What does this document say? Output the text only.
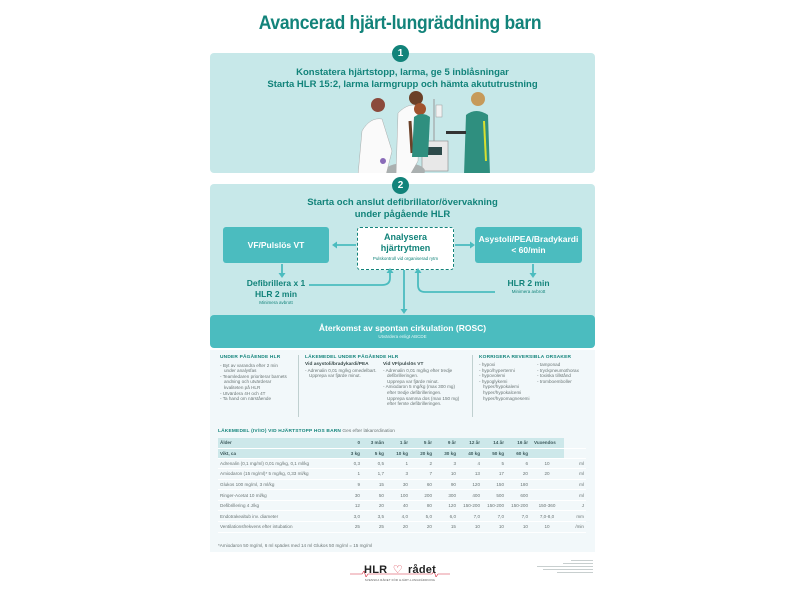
Avancerad hjärt-lungräddning barn
1
Konstatera hjärtstopp, larma, ge 5 inblåsningar
Starta HLR 15:2, larma larmgrupp och hämta akututrustning
2
Starta och anslut defibrillator/övervakning
under pågående HLR
VF/Pulslös VT
Analysera
hjärtrytmen
Pulskontroll vid organiserad rytm
Asystoli/PEA/Bradykardi
< 60/min
Defibrillera x 1
HLR 2 min
Minimera avbrott
HLR 2 min
Minimera avbrott
Återkomst av spontan cirkulation (ROSC)
Utvärdera enligt ABCDE
UNDER PÅGÅENDE HLR
- Byt av varandra efter 2 min under analysfas
- Teamledaren prioriterar barnets andning och utvärderar kvaliteten på HLR
- Utvärdera 4H och 4T
- Ta hand om närstående
LÄKEMEDEL UNDER PÅGÅENDE HLR
Vid asystoli/bradykardi/PEA
- Adrenalin 0,01 mg/kg omedelbart.
Upprepa var fjärde minut.
Vid VF/pulslös VT
- Adrenalin 0,01 mg/kg efter tredje defibrilleringen.
Upprepa var fjärde minut.
- Amiodaron 5 mg/kg (max 300 mg) efter tredje defibrilleringen.
Upprepa samma dos (max 150 mg) efter femte defibrilleringen.
KORRIGERA REVERSIBLA ORSAKER
- hypoxi
- hypo/hypertermi
- hypovolemi
- hypoglykemi
hyper/hypokalemi
hyper/hypokalcemi
hyper/hypomagnesemi
- tamponad
- tryckpneumothorax
- toxiska tillstånd
- tromboemboller
LÄKEMEDEL (IV/IO) VID HJÄRTSTOPP HOS BARN Ges efter läkarordination
Ålder	0	3 mån	1 år	5 år	9 år	12 år	14 år	16 år	Vuxendos	
Vikt, ca	3 kg	5 kg	10 kg	20 kg	30 kg	40 kg	50 kg	60 kg		
Adrenalin (0,1 mg/ml) 0,01 mg/kg, 0,1 ml/kg	0,3	0,5	1	2	3	4	5	6	10	ml
Amiodaron (15 mg/ml)* 5 mg/kg, 0,33 ml/kg	1	1,7	3	7	10	13	17	20	20	ml
Glukos 100 mg/ml, 3 ml/kg	9	15	30	60	90	120	150	180		ml
Ringer-Acetat 10 ml/kg	30	50	100	200	300	400	500	600		ml
Defibrillering 4 J/kg	12	20	40	80	120	150-200	150-200	150-200	150-360	J
Endotrakealtub inv. diameter	3,0	3,5	4,0	5,0	6,0	7,0	7,0	7,0	7,0-8,0	mm
Ventilationsfrekvens efter intubation	25	25	20	20	15	10	10	10	10	/min
*Amiodaron 50 mg/ml, 6 ml spädes med 14 ml Glukos 50 mg/ml = 15 mg/ml
HLR ♡ rådet
SVENSKA RÅDET FÖR HJÄRT-LUNGRÄDDNING
